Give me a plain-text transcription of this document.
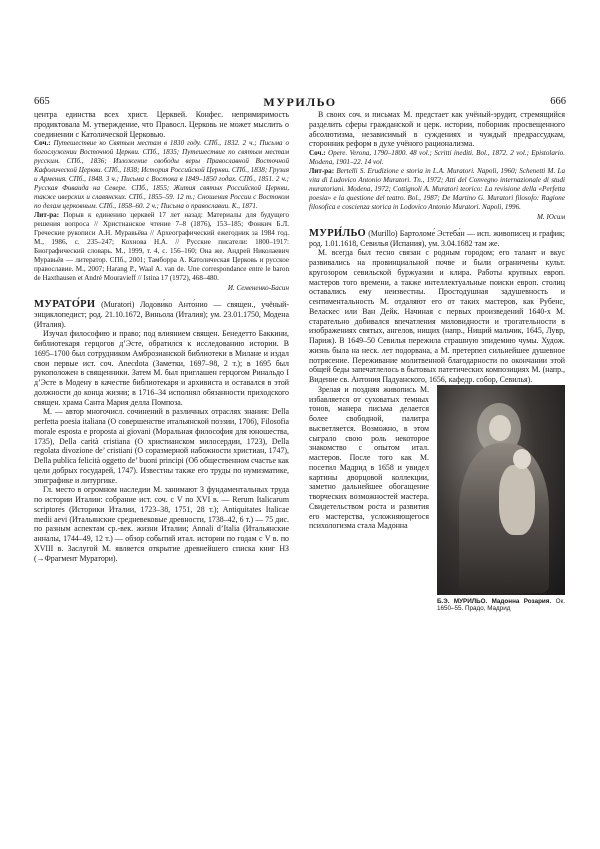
665	МУРИЛЬО	666

центра единства всех христ. Церквей. Конфес. непримиримость продиктовала М. утверждение, что Правосл. Церковь не может мыслить о соединении с Католической Церковью.

Соч.: Путешествие ко Святым местам в 1830 году. СПб., 1832. 2 ч.; Письма о богослужении Восточной Церкви. СПб., 1835; Путешествие по святым местам русским. СПб., 1836; Изложение свободы веры Православной Восточной Кафолической Церкви. СПб., 1838; История Российской Церкви. СПб., 1838; Грузия и Армения. СПб., 1848. 3 ч.; Письма с Востока в 1849–1850 годах. СПб., 1851. 2 ч.; Русская Фиваида на Севере. СПб., 1855; Жития святых Российской Церкви, также иверских и славянских. СПб., 1855–59. 12 т.; Сношения России с Востоком по делам церковным. СПб., 1858–60. 2 ч.; Письма о православии. К., 1871.

Лит-ра: Порыв к единению церквей 17 лет назад: Материалы для будущего решения вопроса // Христианское чтение 7–8 (1876), 153–185; Фонкич Б.Л. Греческие рукописи А.Н. Муравьёва // Археографический ежегодник за 1984 год. М., 1986, с. 235–247; Кохнова Н.А. // Русские писатели: 1800–1917: Биографический словарь. М., 1999, т. 4, с. 156–160; Она же. Андрей Николаевич Муравьёв — литератор. СПб., 2001; Тамборра А. Католическая Церковь и русское православие. М., 2007; Harang P., Waal A. van de. Une correspondance entre le baron de Haxthausen et André Mouravieff // Istina 17 (1972), 468–480.

И. Семененко-Басин

МУРАТО́РИ (Muratori) Лодови́ко Анто́нио — священ., учёный-энциклопедист; род. 21.10.1672, Виньола (Италия); ум. 23.01.1750, Модена (Италия).

Изучал философию и право; под влиянием священ. Бенедетто Баккини, библиотекаря герцогов д’Эсте, обратился к исследованию истории. В 1695–1700 был сотрудником Амброзианской библиотеки в Милане и издал свои первые ист. соч. Anecdota (Заметки, 1697–98, 2 т.); в 1695 был рукоположен в священники. Затем М. был приглашен герцогом Ринальдо I д’Эсте в Модену в качестве библиотекаря и архивиста и оставался в этой должности до конца жизни; в 1716–34 исполнял обязанности приходского священ. храма Санта Мария делла Помпоза.

М. — автор многочисл. сочинений в различных отраслях знания: Della perfetta poesia italiana (О совершенстве итальянской поэзии, 1706), Filosofia morale esposta e proposta ai giovani (Моральная философия для юношества, 1735), Della carità cristiana (О христианском милосердии, 1723), Della regolata divozione de’ cristiani (О соразмерной набожности христиан, 1747), Della publica felicità oggetto de’ buoni principi (Об общественном счастье как цели добрых государей, 1747). Известны также его труды по нумизматике, эпиграфике и литургике.

Гл. место в огромном наследии М. занимают 3 фундаментальных труда по истории Италии: собрание ист. соч. с V по XVI в. — Rerum Italicarum scriptores (Историки Италии, 1723–38, 1751, 28 т.); Antiquitates Italicae medii aevi (Итальянские средневековые древности, 1738–42, 6 т.) — 75 дис. по разным аспектам ср.-век. жизни Италии; Annali d’Italia (Итальянские анналы, 1744–49, 12 т.) — обзор событий итал. истории по годам с V в. по XVIII в. Заслугой М. является открытие древнейшего списка книг НЗ (→Фрагмент Муратори).

В своих соч. и письмах М. предстает как учёный-эрудит, стремящийся разделить сферы гражданской и церк. истории, поборник просвещенного абсолютизма, независимый в суждениях и чуждый предрассудкам, сторонник реформ в духе учёного рационализма.

Соч.: Opere. Verona, 1790–1800. 48 vol.; Scritti inediti. Bol., 1872. 2 vol.; Epistolario. Modena, 1901–22. 14 vol.

Лит-ра: Bertelli S. Erudizione e storia in L.A. Muratori. Napoli, 1960; Schenetti M. La vita di Ludovico Antonio Muratori. Tn., 1972; Atti del Convegno internazionale di studi muratoriani. Modena, 1972; Cottignoli A. Muratori teorico: La revisione della «Perfetta poesia» e la questione del teatro. Bol., 1987; De Martino G. Muratori filosofo: Ragione filosofica e coscienza storica in Lodovico Antonio Muratori. Napoli, 1996.

М. Юсим

МУРИ́ЛЬО (Murillo) Бартоломе́ Эстеба́н — исп. живописец и график; род. 1.01.1618, Севилья (Испания), ум. 3.04.1682 там же.

М. всегда был тесно связан с родным городом; его талант и вкус развивались на провинциальной почве и были ограничены культ. кругозором севильской буржуазии и клира. Работы крупных европ. мастеров того времени, а также интеллектуальные поиски европ. столиц оставались ему неизвестны. Простодушная задушевность и сентиментальность М. отдаляют его от таких мастеров, как Рубенс, Веласкес или Ван Дейк. Начиная с первых произведений 1640-х М. старательно добивался впечатления миловидности и трогательности в изображениях святых, ангелов, нищих (напр., Нищий мальчик, 1645, Лувр, Париж). В 1649–50 Севилья пережила страшную эпидемию чумы. Худож. жизнь была на неск. лет подорвана, а М. претерпел сильнейшее душевное потрясение. Переживание молитвенной благодарности по окончании этой общей беды запечатлелось в бытовых патетических композициях М. (напр., Видение св. Антония Падуанского, 1656, кафедр. собор, Севилья).

Б.Э. МУРИЛЬО. Мадонна Розария. Ок. 1650–55. Прадо, Мадрид

Зрелая и поздняя живопись М. избавляется от суховатых темных тонов, манера письма делается более свободной, палитра высветляется. Возможно, в этом сыграло свою роль некоторое знакомство с опытом итал. мастеров. После того как М. посетил Мадрид в 1658 и увидел картины дворцовой коллекции, заметно дальнейшее обогащение творческих возможностей мастера. Свидетельством роста и развития его мастерства, усложняющегося психологизма стала Мадонна
